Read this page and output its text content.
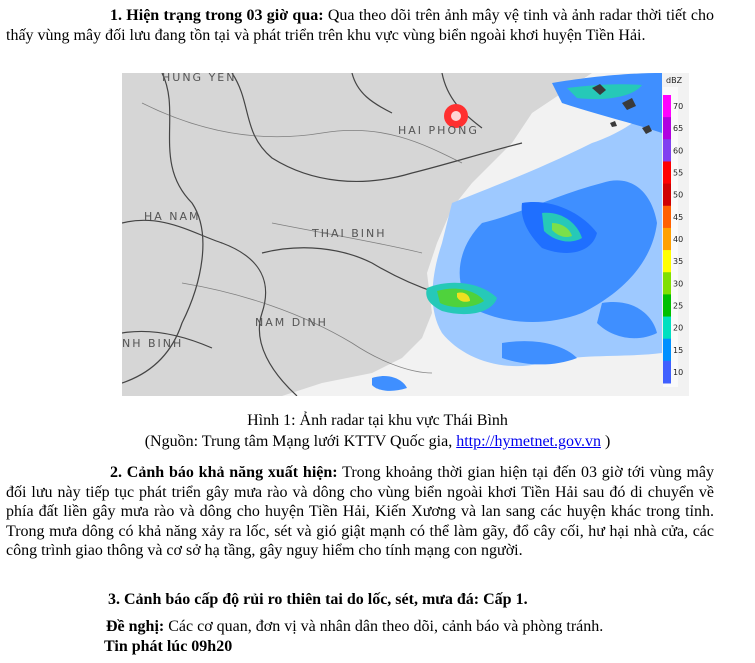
1. Hiện trạng trong 03 giờ qua: Qua theo dõi trên ảnh mây vệ tinh và ảnh radar thời tiết cho thấy vùng mây đối lưu đang tồn tại và phát triển trên khu vực vùng biển ngoài khơi huyện Tiền Hải.
HUNG YEN
HAI PHONG
HA NAM
THAI BINH
NAM DINH
NH BINH
dBZ
70
65
60
55
50
45
40
35
30
25
20
15
10
Hình 1: Ảnh radar tại khu vực Thái Bình
(Nguồn: Trung tâm Mạng lưới KTTV Quốc gia, http://hymetnet.gov.vn )
2. Cảnh báo khả năng xuất hiện: Trong khoảng thời gian hiện tại đến 03 giờ tới vùng mây đối lưu này tiếp tục phát triển gây mưa rào và dông cho vùng biển ngoài khơi Tiền Hải sau đó di chuyển về phía đất liền gây mưa rào và dông cho huyện Tiền Hải, Kiến Xương và lan sang các huyện khác trong tỉnh. Trong mưa dông có khả năng xảy ra lốc, sét và gió giật mạnh có thể làm gãy, đổ cây cối, hư hại nhà cửa, các công trình giao thông và cơ sở hạ tầng, gây nguy hiểm cho tính mạng con người.
3. Cảnh báo cấp độ rủi ro thiên tai do lốc, sét, mưa đá: Cấp 1.
Đề nghị: Các cơ quan, đơn vị và nhân dân theo dõi, cảnh báo và phòng tránh.
Tin phát lúc 09h20
